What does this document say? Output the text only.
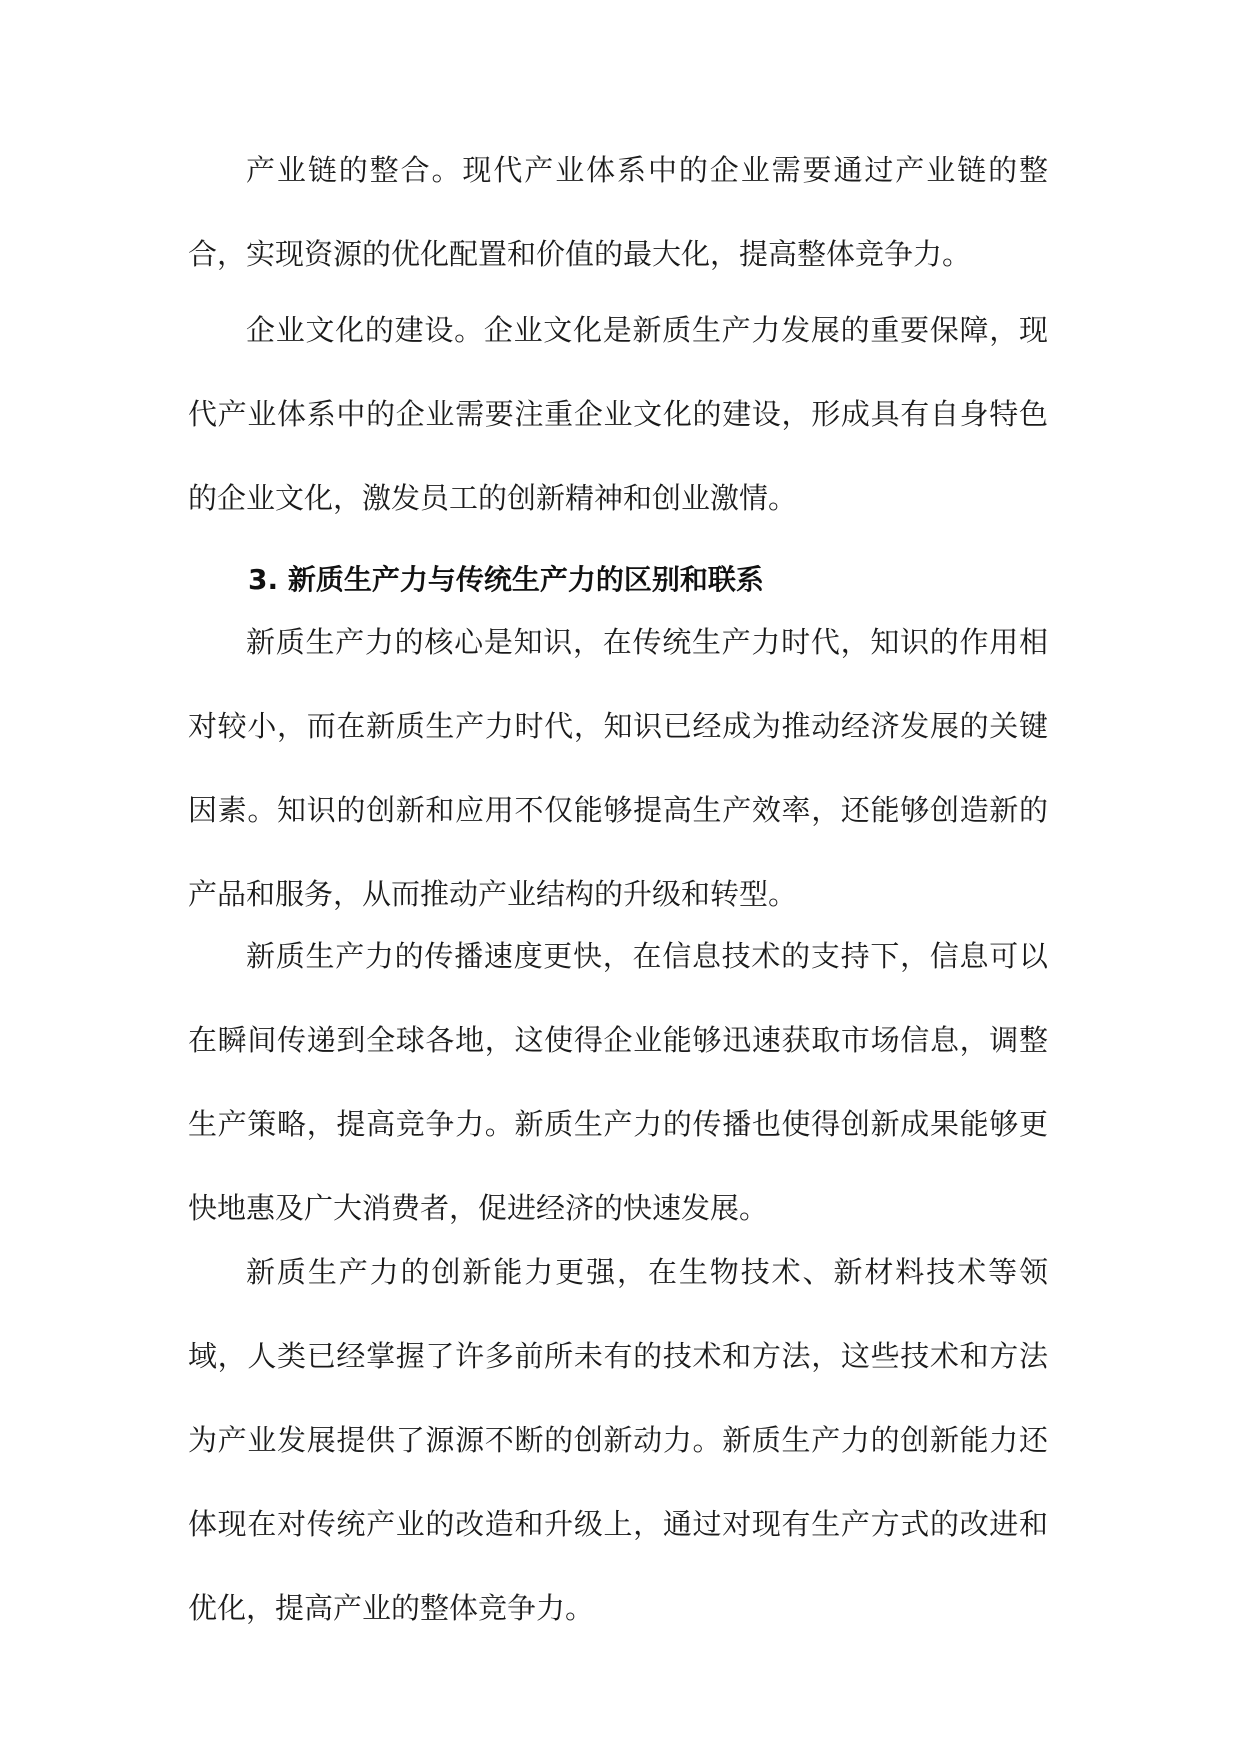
产业链的整合。现代产业体系中的企业需要通过产业链的整合，实现资源的优化配置和价值的最大化，提高整体竞争力。

企业文化的建设。企业文化是新质生产力发展的重要保障，现代产业体系中的企业需要注重企业文化的建设，形成具有自身特色的企业文化，激发员工的创新精神和创业激情。

3. 新质生产力与传统生产力的区别和联系

新质生产力的核心是知识，在传统生产力时代，知识的作用相对较小，而在新质生产力时代，知识已经成为推动经济发展的关键因素。知识的创新和应用不仅能够提高生产效率，还能够创造新的产品和服务，从而推动产业结构的升级和转型。

新质生产力的传播速度更快，在信息技术的支持下，信息可以在瞬间传递到全球各地，这使得企业能够迅速获取市场信息，调整生产策略，提高竞争力。新质生产力的传播也使得创新成果能够更快地惠及广大消费者，促进经济的快速发展。

新质生产力的创新能力更强，在生物技术、新材料技术等领域，人类已经掌握了许多前所未有的技术和方法，这些技术和方法为产业发展提供了源源不断的创新动力。新质生产力的创新能力还体现在对传统产业的改造和升级上，通过对现有生产方式的改进和优化，提高产业的整体竞争力。
